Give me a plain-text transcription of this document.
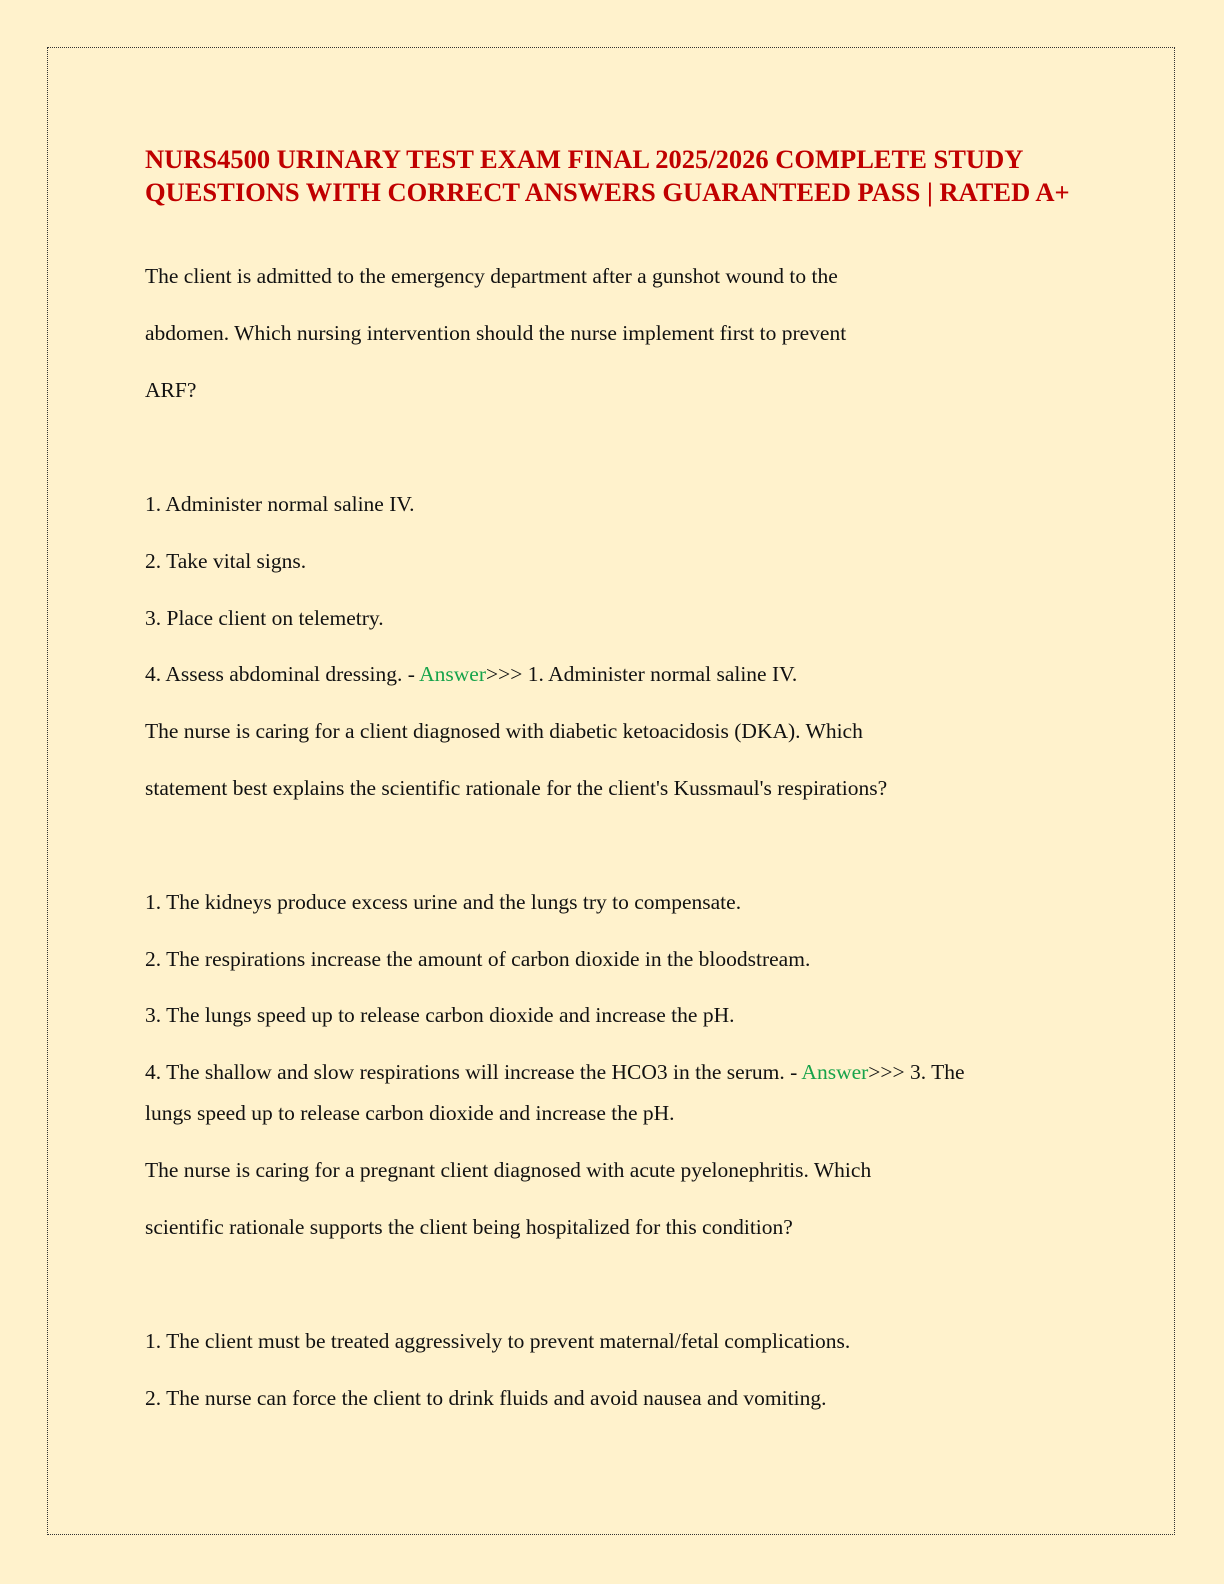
NURS4500 URINARY TEST EXAM FINAL 2025/2026 COMPLETE STUDY QUESTIONS WITH CORRECT ANSWERS GUARANTEED PASS | RATED A+

The client is admitted to the emergency department after a gunshot wound to the

abdomen. Which nursing intervention should the nurse implement first to prevent

ARF?

1. Administer normal saline IV.

2. Take vital signs.

3. Place client on telemetry.

4. Assess abdominal dressing. - Answer>>> 1. Administer normal saline IV.

The nurse is caring for a client diagnosed with diabetic ketoacidosis (DKA). Which

statement best explains the scientific rationale for the client's Kussmaul's respirations?

1. The kidneys produce excess urine and the lungs try to compensate.

2. The respirations increase the amount of carbon dioxide in the bloodstream.

3. The lungs speed up to release carbon dioxide and increase the pH.

4. The shallow and slow respirations will increase the HCO3 in the serum. - Answer>>> 3. The

lungs speed up to release carbon dioxide and increase the pH.

The nurse is caring for a pregnant client diagnosed with acute pyelonephritis. Which

scientific rationale supports the client being hospitalized for this condition?

1. The client must be treated aggressively to prevent maternal/fetal complications.

2. The nurse can force the client to drink fluids and avoid nausea and vomiting.
